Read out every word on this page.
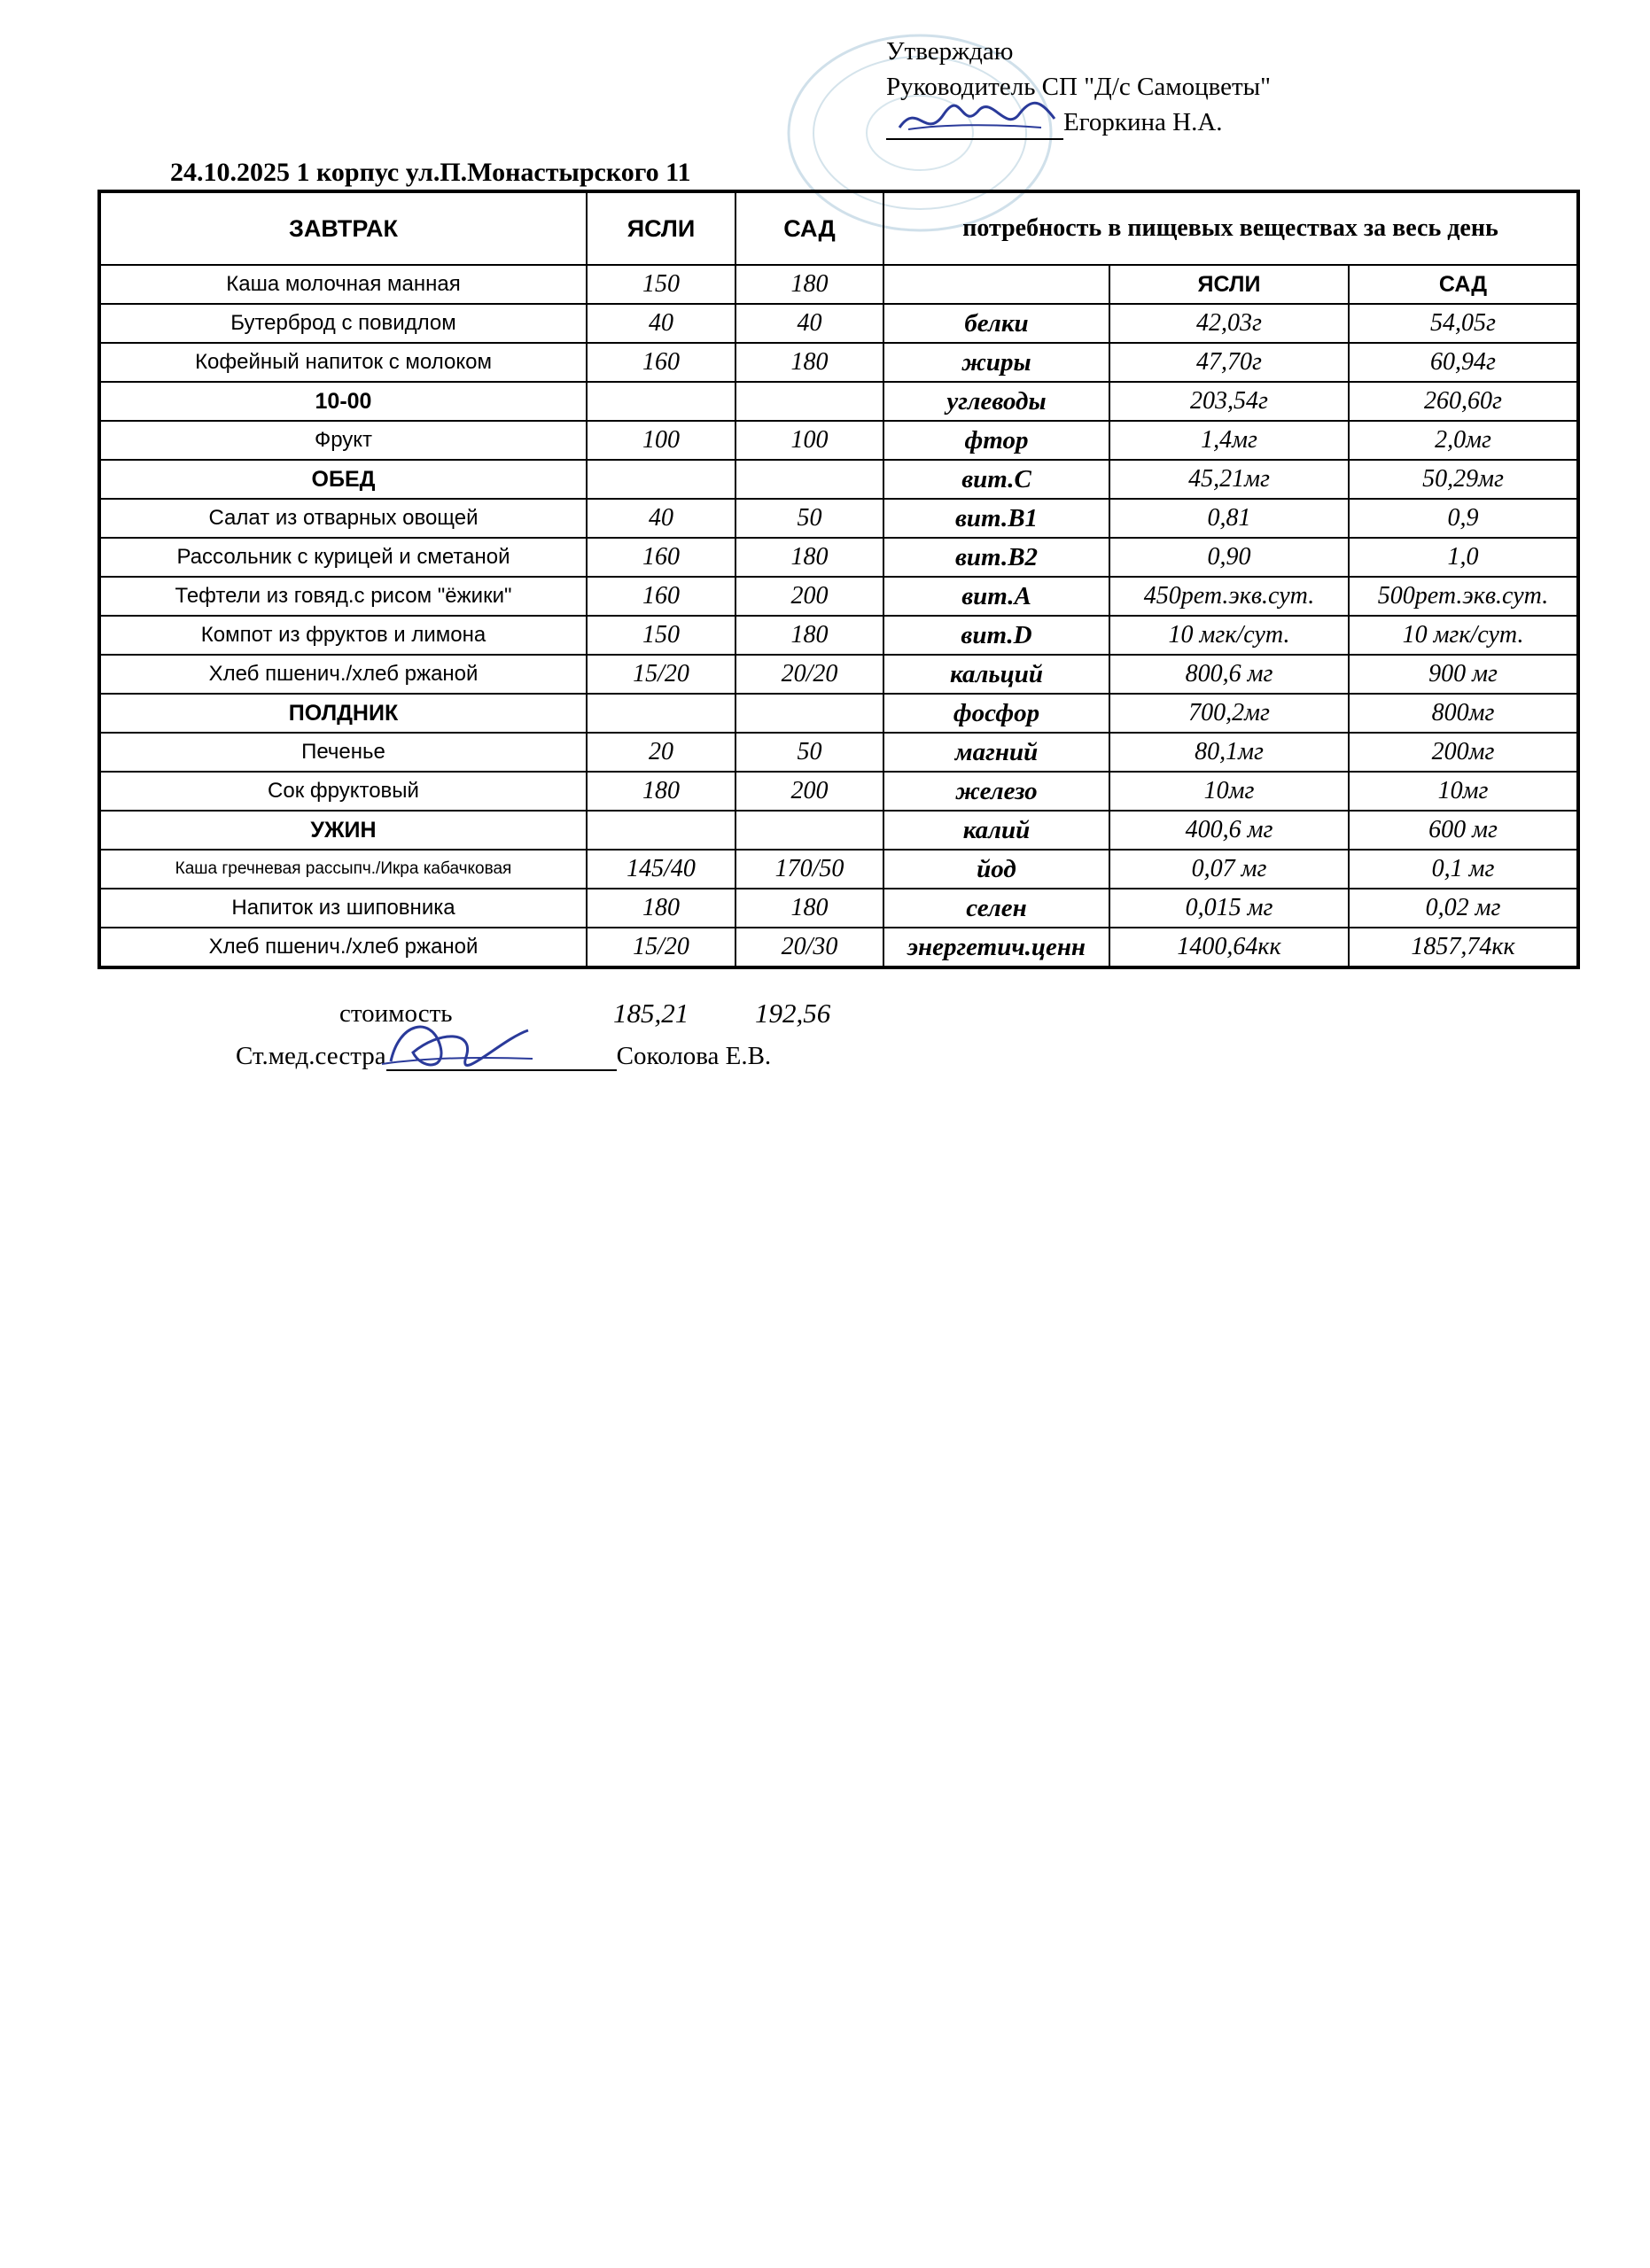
Утверждаю
Руководитель СП "Д/с Самоцветы"
Егоркина Н.А.
24.10.2025 1 корпус ул.П.Монастырского 11
ЗАВТРАК	ЯСЛИ	САД	потребность в пищевых веществах за весь день		
Каша молочная манная	150	180		ЯСЛИ	САД
Бутерброд с повидлом	40	40	белки	42,03г	54,05г
Кофейный напиток с молоком	160	180	жиры	47,70г	60,94г
10-00			углеводы	203,54г	260,60г
Фрукт	100	100	фтор	1,4мг	2,0мг
ОБЕД			вит.С	45,21мг	50,29мг
Салат из отварных овощей	40	50	вит.В1	0,81	0,9
Рассольник с курицей и сметаной	160	180	вит.В2	0,90	1,0
Тефтели из говяд.с рисом "ёжики"	160	200	вит.А	450рет.экв.сут.	500рет.экв.сут.
Компот из фруктов и лимона	150	180	вит.D	10 мгк/сут.	10 мгк/сут.
Хлеб пшенич./хлеб ржаной	15/20	20/20	кальций	800,6 мг	900 мг
ПОЛДНИК			фосфор	700,2мг	800мг
Печенье	20	50	магний	80,1мг	200мг
Сок фруктовый	180	200	железо	10мг	10мг
УЖИН			калий	400,6 мг	600 мг
Каша гречневая рассыпч./Икра кабачковая	145/40	170/50	йод	0,07 мг	0,1 мг
Напиток из шиповника	180	180	селен	0,015 мг	0,02 мг
Хлеб пшенич./хлеб ржаной	15/20	20/30	энергетич.ценн	1400,64кк	1857,74кк
стоимость	185,21 192,56
Ст.мед.сестра	Соколова Е.В.
